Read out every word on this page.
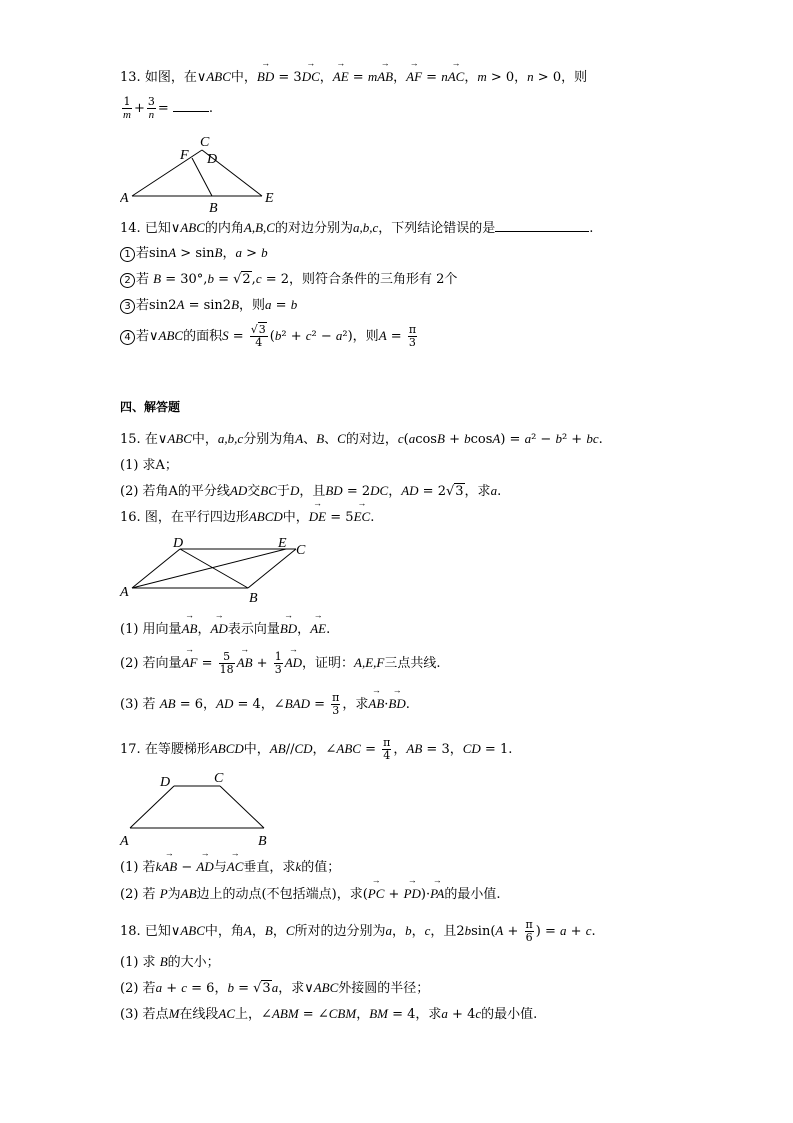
13. 如图，在∨ABC中，→ BD = 3→ DC，→ AE = m→ AB，→ AF = n→ AC，m > 0，n > 0，则
$\frac{1}{m} + \frac{3}{n}$ =	.
F
C
D
A
B
E
14. 已知∨ABC的内角A,B,C的对边分别为a,b,c，下列结论错误的是	.
1 若sinA > sinB，a > b
2 若 B = 30°,b = √2,c = 2，则符合条件的三角形有 2个
3 若sin2A = sin2B，则a = b
4 若∨ABC的面积$S = \frac{√3}{4} (b^2 + c^2 - a^2)$，则$A = \frac{\pi}{3}$
四、解答题
15. 在∨ABC中，a,b,c分别为角A、B、C的对边，c(acosB + bcosA) = a² − b² + bc.
(1) 求A；
(2) 若角A的平分线AD交BC于D，且BD = 2DC，AD = 2√3，求a.
16. 图，在平行四边形ABCD中，→ DE = 5→ EC.
D	E C
A	B
(1) 用向量→ AB，→ AD表示向量→ BD，→ AE.
(2) 若向量→ AF = $\frac{5}{18}$ → AB + $\frac{1}{3}$ → AD，证明：A,E,F三点共线.
(3) 若 AB = 6，AD = 4，∠BAD = $\frac{\pi}{3}$ ，求→ AB·→ BD.
17. 在等腰梯形ABCD中，AB//CD，∠ABC = $\frac{\pi}{4}$ ，AB = 3，CD = 1.
D	C
A	B
(1) 若k→ AB − → AD与→ AC垂直，求k的值；
(2) 若 P为AB边上的动点(不包括端点)，求(→ PC + → PD)·→ PA的最小值.
18. 已知∨ABC中，角A，B，C所对的边分别为a，b，c，且$2bsin(A + \frac{\pi}{6}$ ) = a + c.
(1) 求 B的大小；
(2) 若a + c = 6，b = √3a，求∨ABC外接圆的半径；
(3) 若点M在线段AC上，∠ABM = ∠CBM，BM = 4，求a + 4c的最小值.
